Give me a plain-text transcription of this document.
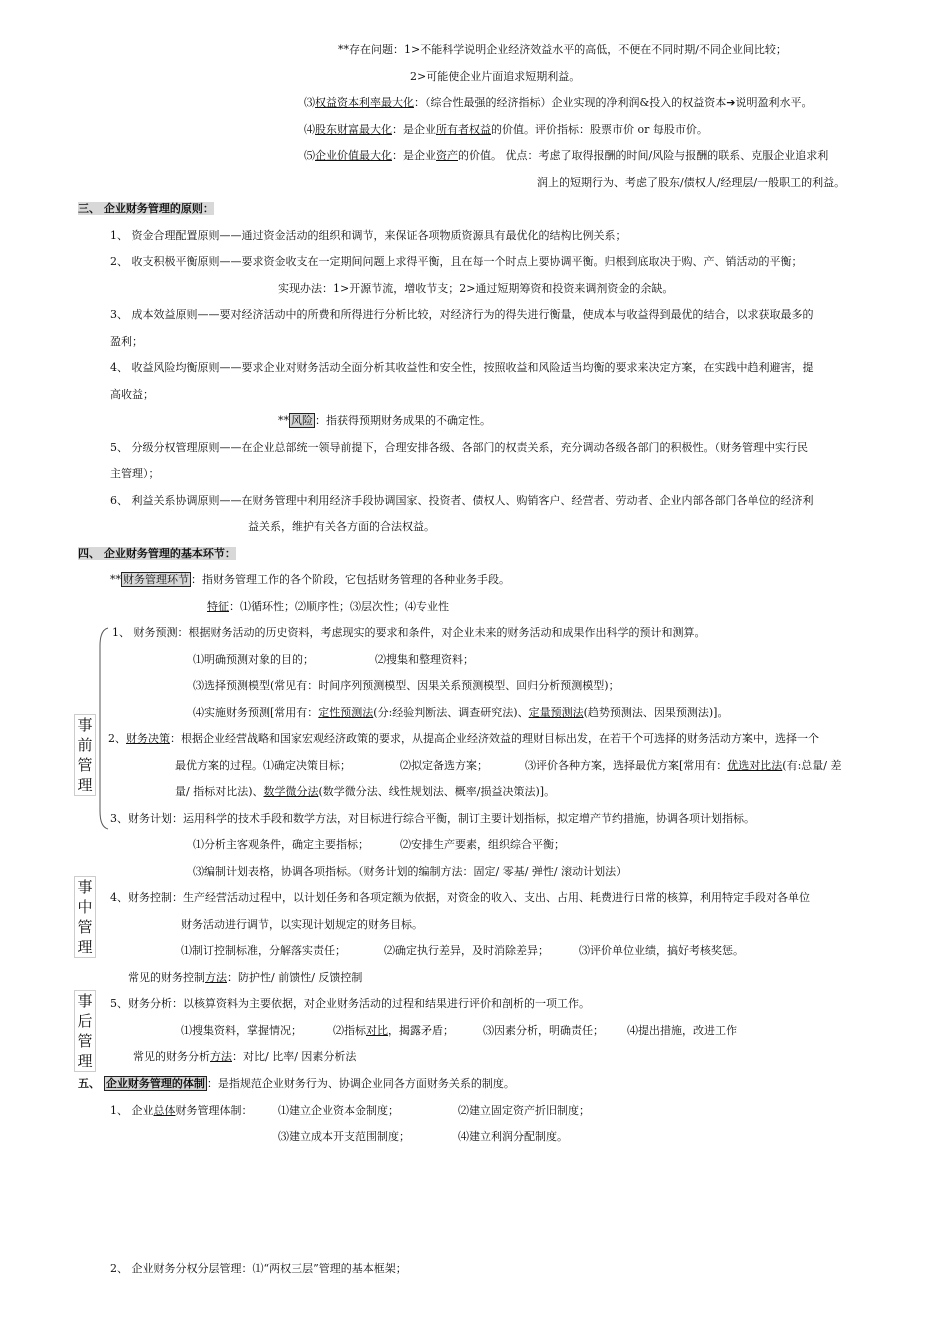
**存在问题：1>不能科学说明企业经济效益水平的高低，不便在不同时期/不同企业间比较；
2>可能使企业片面追求短期利益。
⑶权益资本利率最大化：（综合性最强的经济指标）企业实现的净利润&投入的权益资本➔说明盈利水平。
⑷股东财富最大化：是企业所有者权益的价值。评价指标：股票市价 or 每股市价。
⑸企业价值最大化：是企业资产的价值。 优点：考虑了取得报酬的时间/风险与报酬的联系、克服企业追求利
润上的短期行为、考虑了股东/债权人/经理层/一般职工的利益。
三、 企业财务管理的原则：
1、 资金合理配置原则——通过资金活动的组织和调节，来保证各项物质资源具有最优化的结构比例关系；
2、 收支积极平衡原则——要求资金收支在一定期间问题上求得平衡，且在每一个时点上要协调平衡。归根到底取决于购、产、销活动的平衡；
实现办法：1>开源节流，增收节支；2>通过短期筹资和投资来调剂资金的余缺。
3、 成本效益原则——要对经济活动中的所费和所得进行分析比较，对经济行为的得失进行衡量，使成本与收益得到最优的结合，以求获取最多的
盈利；
4、 收益风险均衡原则——要求企业对财务活动全面分析其收益性和安全性，按照收益和风险适当均衡的要求来决定方案，在实践中趋利避害，提
高收益；
** 风险 ：指获得预期财务成果的不确定性。
5、 分级分权管理原则——在企业总部统一领导前提下，合理安排各级、各部门的权责关系，充分调动各级各部门的积极性。（财务管理中实行民
主管理）；
6、 利益关系协调原则——在财务管理中利用经济手段协调国家、投资者、债权人、购销客户、经营者、劳动者、企业内部各部门各单位的经济利
益关系，维护有关各方面的合法权益。
四、 企业财务管理的基本环节：
** 财务管理环节 ：指财务管理工作的各个阶段，它包括财务管理的各种业务手段。
特征：⑴循环性；⑵顺序性；⑶层次性；⑷专业性
1、 财务预测：根据财务活动的历史资料，考虑现实的要求和条件，对企业未来的财务活动和成果作出科学的预计和测算。
⑴明确预测对象的目的；	⑵搜集和整理资料；
⑶选择预测模型(常见有：时间序列预测模型、因果关系预测模型、回归分析预测模型)；
⑷实施财务预测[常用有：定性预测法(分:经验判断法、调查研究法)、定量预测法(趋势预测法、因果预测法)]。
2、财务决策：根据企业经营战略和国家宏观经济政策的要求，从提高企业经济效益的理财目标出发，在若干个可选择的财务活动方案中，选择一个
最优方案的过程。⑴确定决策目标；	⑵拟定备选方案；	⑶评价各种方案，选择最优方案[常用有：优选对比法(有:总量/ 差
量/ 指标对比法)、数学微分法(数学微分法、线性规划法、概率/损益决策法)]。
3、财务计划：运用科学的技术手段和数学方法，对目标进行综合平衡，制订主要计划指标，拟定增产节约措施，协调各项计划指标。
⑴分析主客观条件，确定主要指标；	⑵安排生产要素，组织综合平衡；
⑶编制计划表格，协调各项指标。（财务计划的编制方法：固定/ 零基/ 弹性/ 滚动计划法）
4、财务控制：生产经营活动过程中，以计划任务和各项定额为依据，对资金的收入、支出、占用、耗费进行日常的核算，利用特定手段对各单位
财务活动进行调节，以实现计划规定的财务目标。
⑴制订控制标准，分解落实责任；	⑵确定执行差异，及时消除差异；	⑶评价单位业绩，搞好考核奖惩。
常见的财务控制方法：防护性/ 前馈性/ 反馈控制
5、财务分析：以核算资料为主要依据，对企业财务活动的过程和结果进行评价和剖析的一项工作。
⑴搜集资料，掌握情况；	⑵指标对比，揭露矛盾；	⑶因素分析，明确责任； ⑷提出措施，改进工作
常见的财务分析方法：对比/ 比率/ 因素分析法
事
前
管
理
事
中
管
理
事
后
管
理
五、 企业财务管理的体制 ：是指规范企业财务行为、协调企业同各方面财务关系的制度。
1、 企业总体财务管理体制： ⑴建立企业资本金制度；	⑵建立固定资产折旧制度；
⑶建立成本开支范围制度；	⑷建立利润分配制度。
2、 企业财务分权分层管理：⑴“两权三层”管理的基本框架；
